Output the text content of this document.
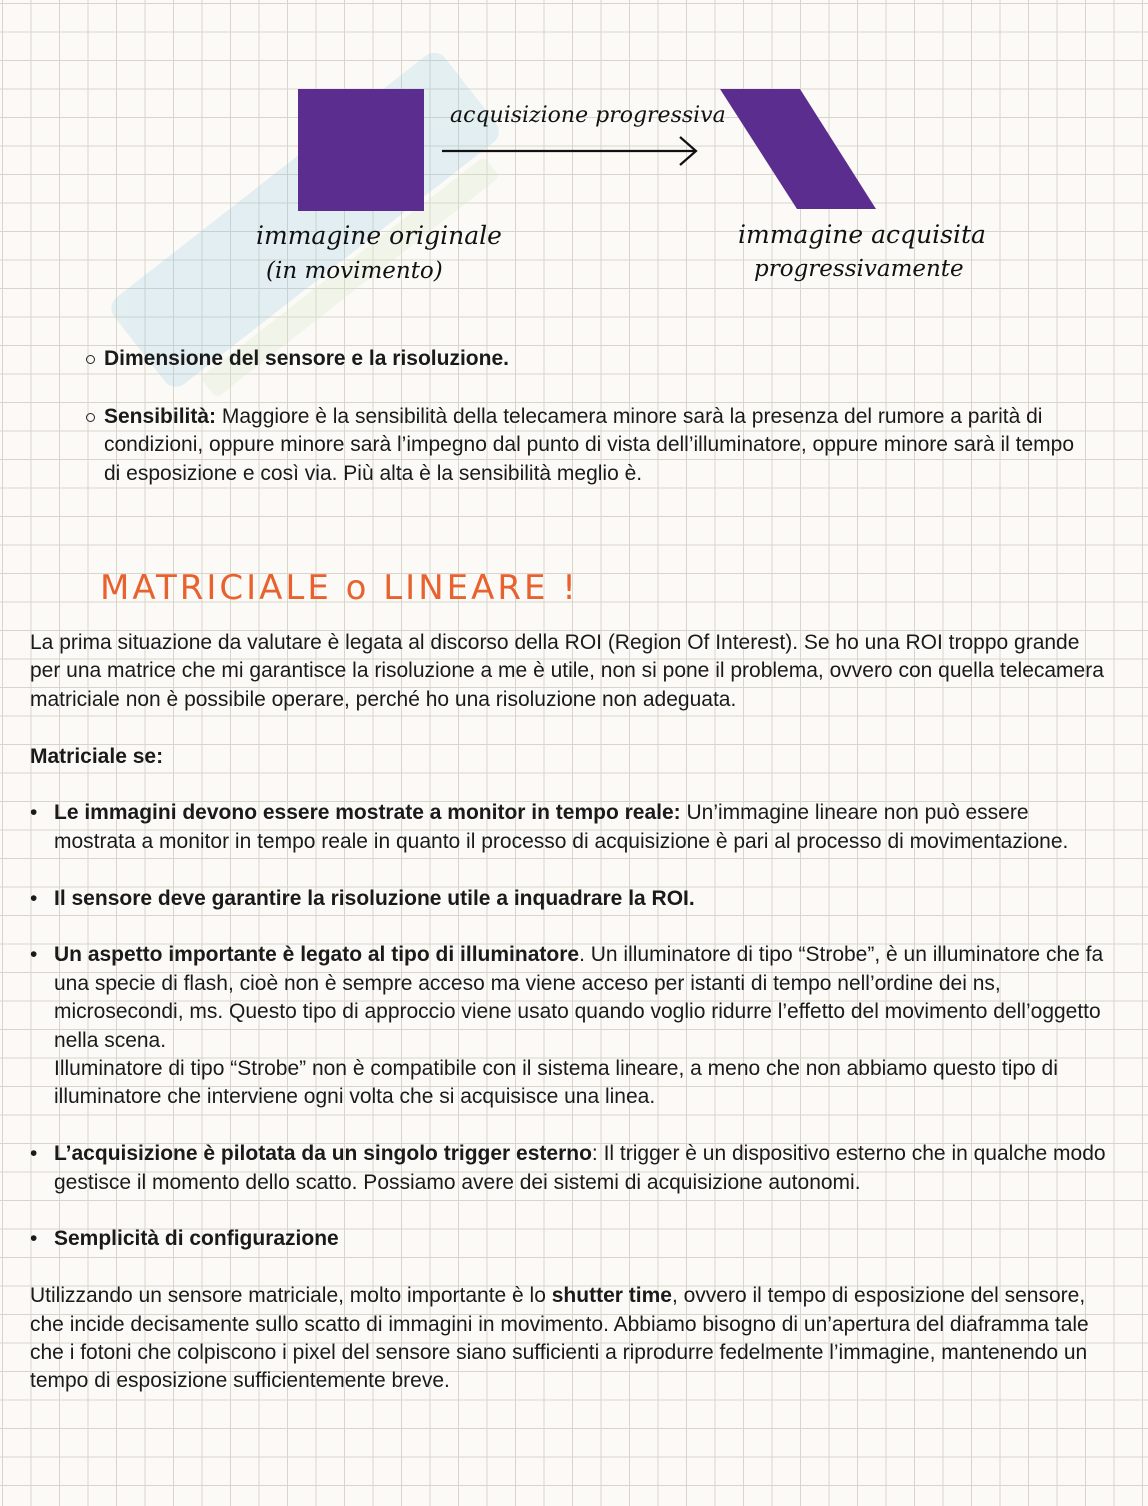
acquisizione progressiva
immagine originale
(in movimento)
immagine acquisita
progressivamente
Dimensione del sensore e la risoluzione.
Sensibilità: Maggiore è la sensibilità della telecamera minore sarà la presenza del rumore a parità di condizioni, oppure minore sarà l’impegno dal punto di vista dell’illuminatore, oppure minore sarà il tempo di esposizione e così via. Più alta è la sensibilità meglio è.
MATRICIALE o LINEARE !

La prima situazione da valutare è legata al discorso della ROI (Region Of Interest). Se ho una ROI troppo grande per una matrice che mi garantisce la risoluzione a me è utile, non si pone il problema, ovvero con quella telecamera matriciale non è possibile operare, perché ho una risoluzione non adeguata.

Matriciale se:

• Le immagini devono essere mostrate a monitor in tempo reale: Un’immagine lineare non può essere mostrata a monitor in tempo reale in quanto il processo di acquisizione è pari al processo di movimentazione.
• Il sensore deve garantire la risoluzione utile a inquadrare la ROI.
• Un aspetto importante è legato al tipo di illuminatore. Un illuminatore di tipo “Strobe”, è un illuminatore che fa una specie di flash, cioè non è sempre acceso ma viene acceso per istanti di tempo nell’ordine dei ns, microsecondi, ms. Questo tipo di approccio viene usato quando voglio ridurre l’effetto del movimento dell’oggetto nella scena.
Illuminatore di tipo “Strobe” non è compatibile con il sistema lineare, a meno che non abbiamo questo tipo di illuminatore che interviene ogni volta che si acquisisce una linea.
• L’acquisizione è pilotata da un singolo trigger esterno: Il trigger è un dispositivo esterno che in qualche modo gestisce il momento dello scatto. Possiamo avere dei sistemi di acquisizione autonomi.
• Semplicità di configurazione

Utilizzando un sensore matriciale, molto importante è lo shutter time, ovvero il tempo di esposizione del sensore, che incide decisamente sullo scatto di immagini in movimento. Abbiamo bisogno di un’apertura del diaframma tale che i fotoni che colpiscono i pixel del sensore siano sufficienti a riprodurre fedelmente l’immagine, mantenendo un tempo di esposizione sufficientemente breve.
